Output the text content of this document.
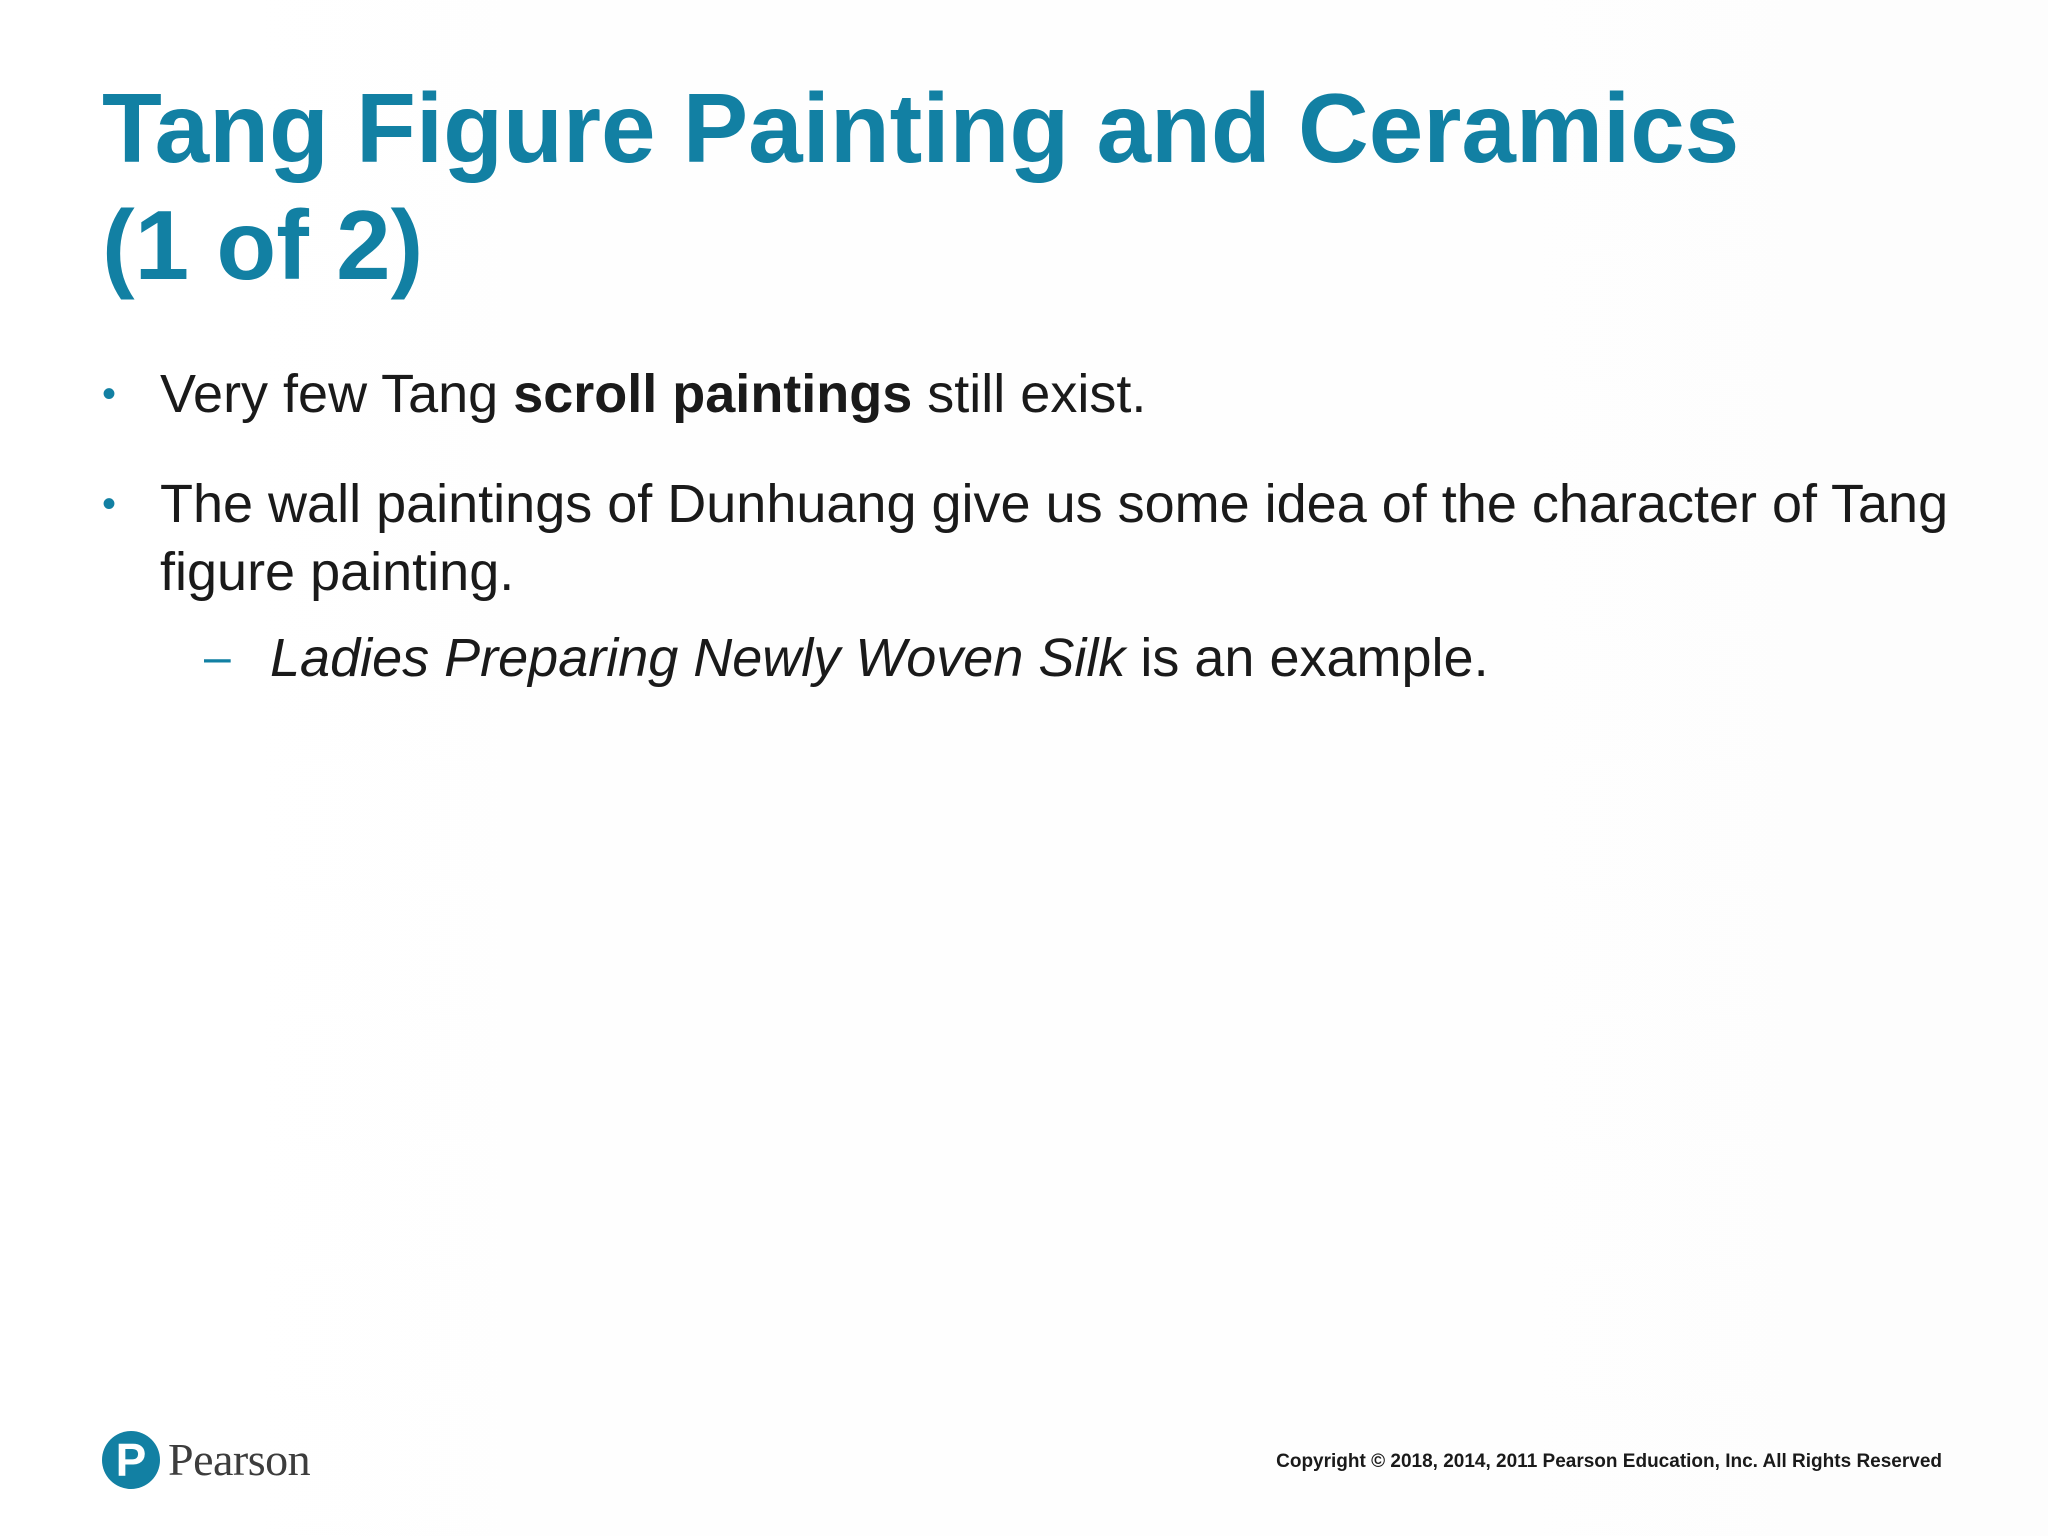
Tang Figure Painting and Ceramics
(1 of 2)
• Very few Tang scroll paintings still exist.
• The wall paintings of Dunhuang give us some idea of the character of Tang figure painting.
– Ladies Preparing Newly Woven Silk is an example.
P Pearson	Copyright © 2018, 2014, 2011 Pearson Education, Inc. All Rights Reserved
